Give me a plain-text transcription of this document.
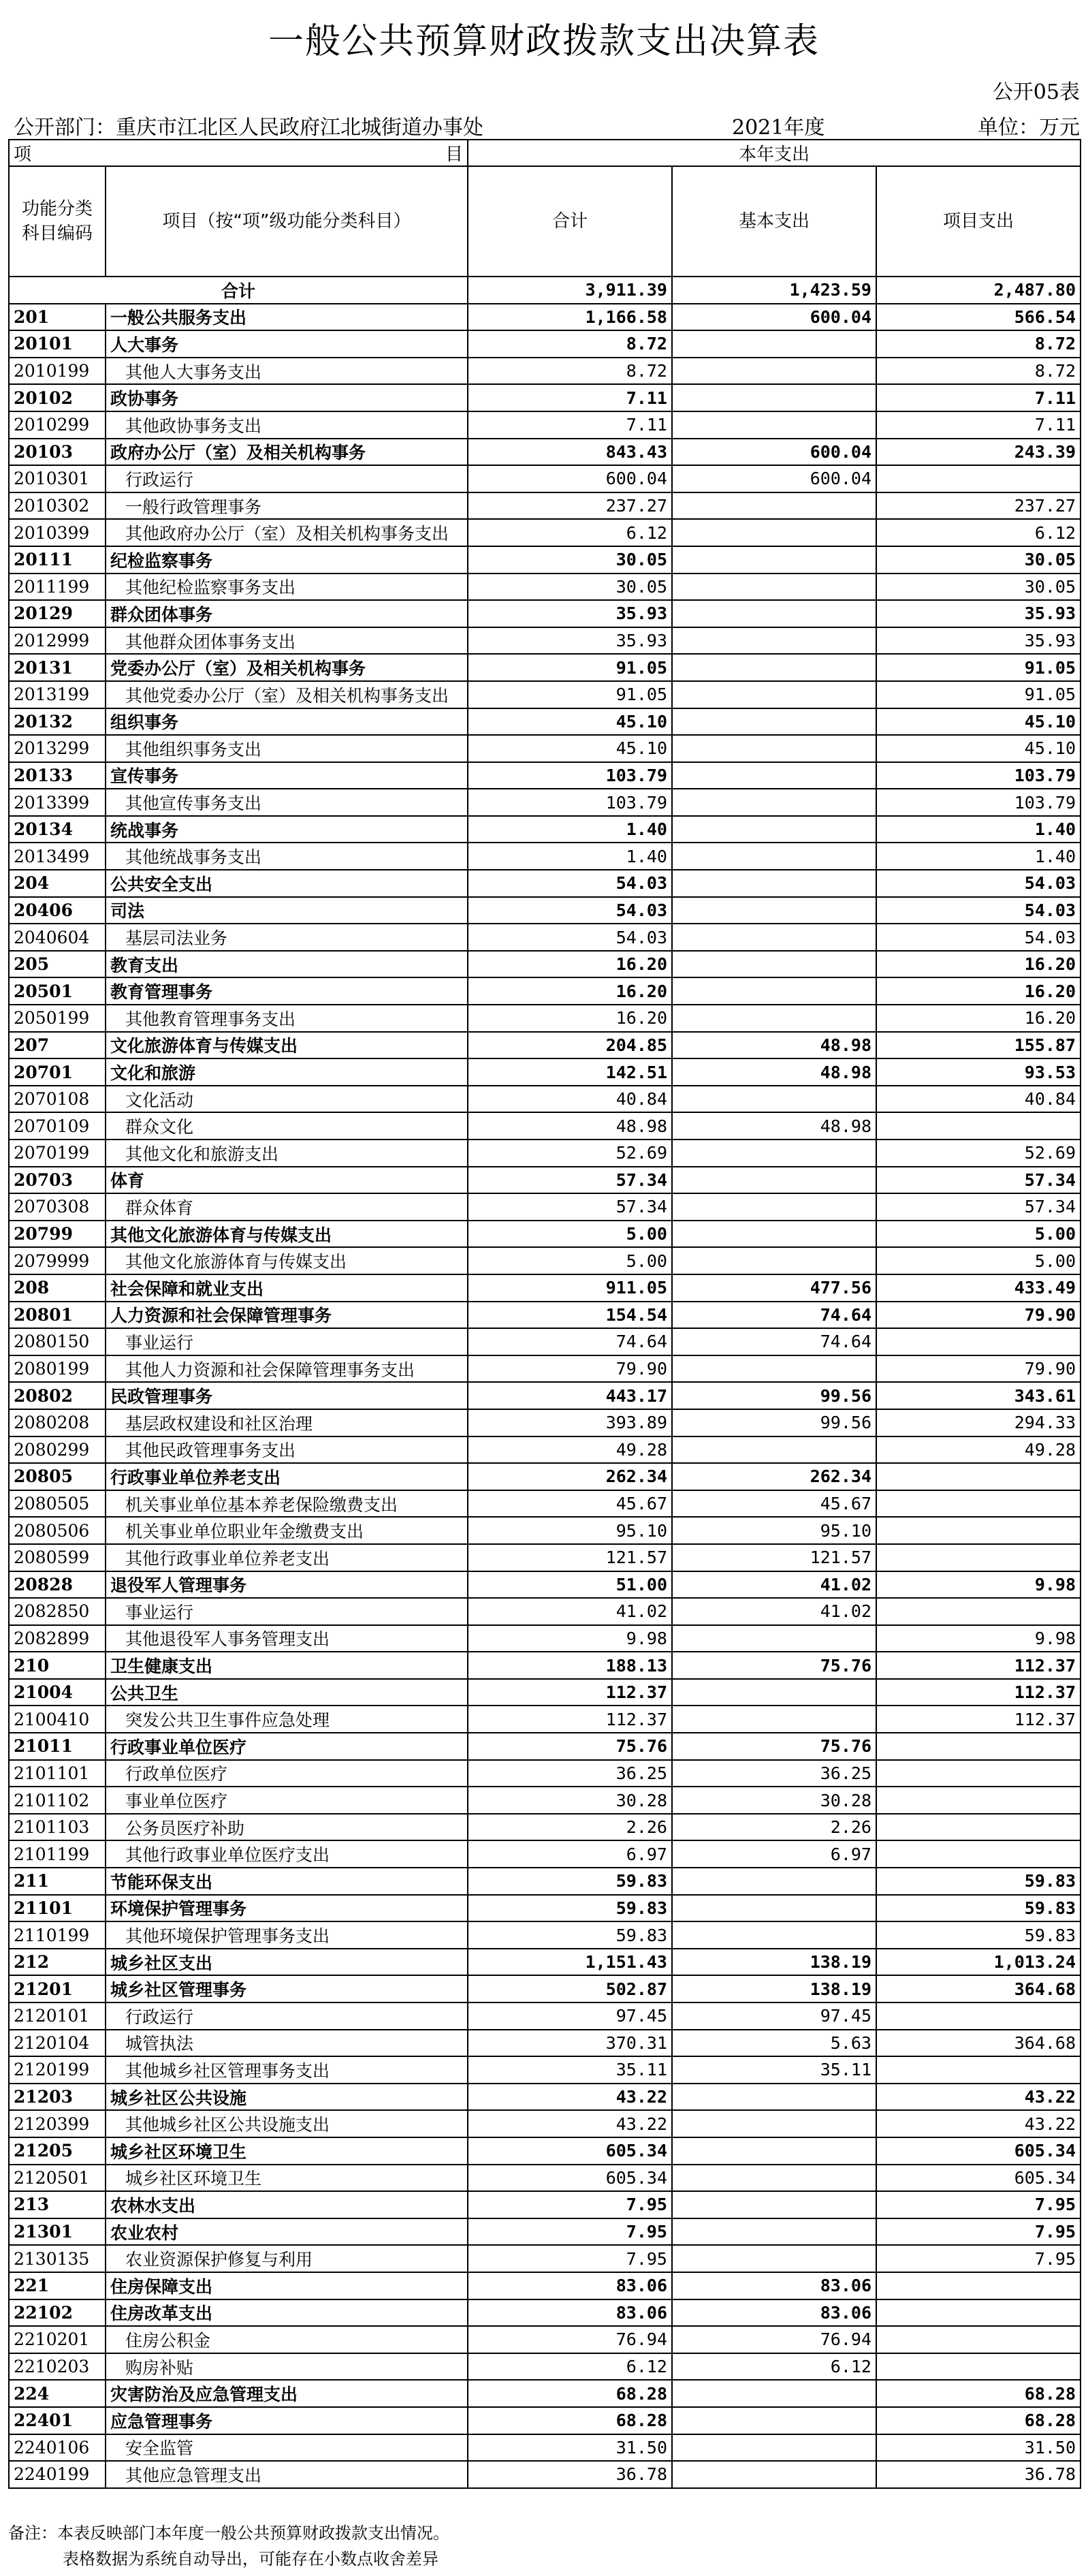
一般公共预算财政拨款支出决算表
公开05表
公开部门：重庆市江北区人民政府江北城街道办事处	2021年度	单位：万元
项	目	本年支出		
功能分类科目编码	项目（按“项”级功能分类科目）	合计	基本支出	项目支出
合计		3,911.39	1,423.59	2,487.80
201	一般公共服务支出	1,166.58	600.04	566.54
20101	人大事务	8.72		8.72
2010199	其他人大事务支出	8.72		8.72
20102	政协事务	7.11		7.11
2010299	其他政协事务支出	7.11		7.11
20103	政府办公厅（室）及相关机构事务	843.43	600.04	243.39
2010301	行政运行	600.04	600.04	
2010302	一般行政管理事务	237.27		237.27
2010399	其他政府办公厅（室）及相关机构事务支出	6.12		6.12
20111	纪检监察事务	30.05		30.05
2011199	其他纪检监察事务支出	30.05		30.05
20129	群众团体事务	35.93		35.93
2012999	其他群众团体事务支出	35.93		35.93
20131	党委办公厅（室）及相关机构事务	91.05		91.05
2013199	其他党委办公厅（室）及相关机构事务支出	91.05		91.05
20132	组织事务	45.10		45.10
2013299	其他组织事务支出	45.10		45.10
20133	宣传事务	103.79		103.79
2013399	其他宣传事务支出	103.79		103.79
20134	统战事务	1.40		1.40
2013499	其他统战事务支出	1.40		1.40
204	公共安全支出	54.03		54.03
20406	司法	54.03		54.03
2040604	基层司法业务	54.03		54.03
205	教育支出	16.20		16.20
20501	教育管理事务	16.20		16.20
2050199	其他教育管理事务支出	16.20		16.20
207	文化旅游体育与传媒支出	204.85	48.98	155.87
20701	文化和旅游	142.51	48.98	93.53
2070108	文化活动	40.84		40.84
2070109	群众文化	48.98	48.98	
2070199	其他文化和旅游支出	52.69		52.69
20703	体育	57.34		57.34
2070308	群众体育	57.34		57.34
20799	其他文化旅游体育与传媒支出	5.00		5.00
2079999	其他文化旅游体育与传媒支出	5.00		5.00
208	社会保障和就业支出	911.05	477.56	433.49
20801	人力资源和社会保障管理事务	154.54	74.64	79.90
2080150	事业运行	74.64	74.64	
2080199	其他人力资源和社会保障管理事务支出	79.90		79.90
20802	民政管理事务	443.17	99.56	343.61
2080208	基层政权建设和社区治理	393.89	99.56	294.33
2080299	其他民政管理事务支出	49.28		49.28
20805	行政事业单位养老支出	262.34	262.34	
2080505	机关事业单位基本养老保险缴费支出	45.67	45.67	
2080506	机关事业单位职业年金缴费支出	95.10	95.10	
2080599	其他行政事业单位养老支出	121.57	121.57	
20828	退役军人管理事务	51.00	41.02	9.98
2082850	事业运行	41.02	41.02	
2082899	其他退役军人事务管理支出	9.98		9.98
210	卫生健康支出	188.13	75.76	112.37
21004	公共卫生	112.37		112.37
2100410	突发公共卫生事件应急处理	112.37		112.37
21011	行政事业单位医疗	75.76	75.76	
2101101	行政单位医疗	36.25	36.25	
2101102	事业单位医疗	30.28	30.28	
2101103	公务员医疗补助	2.26	2.26	
2101199	其他行政事业单位医疗支出	6.97	6.97	
211	节能环保支出	59.83		59.83
21101	环境保护管理事务	59.83		59.83
2110199	其他环境保护管理事务支出	59.83		59.83
212	城乡社区支出	1,151.43	138.19	1,013.24
21201	城乡社区管理事务	502.87	138.19	364.68
2120101	行政运行	97.45	97.45	
2120104	城管执法	370.31	5.63	364.68
2120199	其他城乡社区管理事务支出	35.11	35.11	
21203	城乡社区公共设施	43.22		43.22
2120399	其他城乡社区公共设施支出	43.22		43.22
21205	城乡社区环境卫生	605.34		605.34
2120501	城乡社区环境卫生	605.34		605.34
213	农林水支出	7.95		7.95
21301	农业农村	7.95		7.95
2130135	农业资源保护修复与利用	7.95		7.95
221	住房保障支出	83.06	83.06	
22102	住房改革支出	83.06	83.06	
2210201	住房公积金	76.94	76.94	
2210203	购房补贴	6.12	6.12	
224	灾害防治及应急管理支出	68.28		68.28
22401	应急管理事务	68.28		68.28
2240106	安全监管	31.50		31.50
2240199	其他应急管理支出	36.78		36.78
备注：本表反映部门本年度一般公共预算财政拨款支出情况。
表格数据为系统自动导出，可能存在小数点收舍差异
